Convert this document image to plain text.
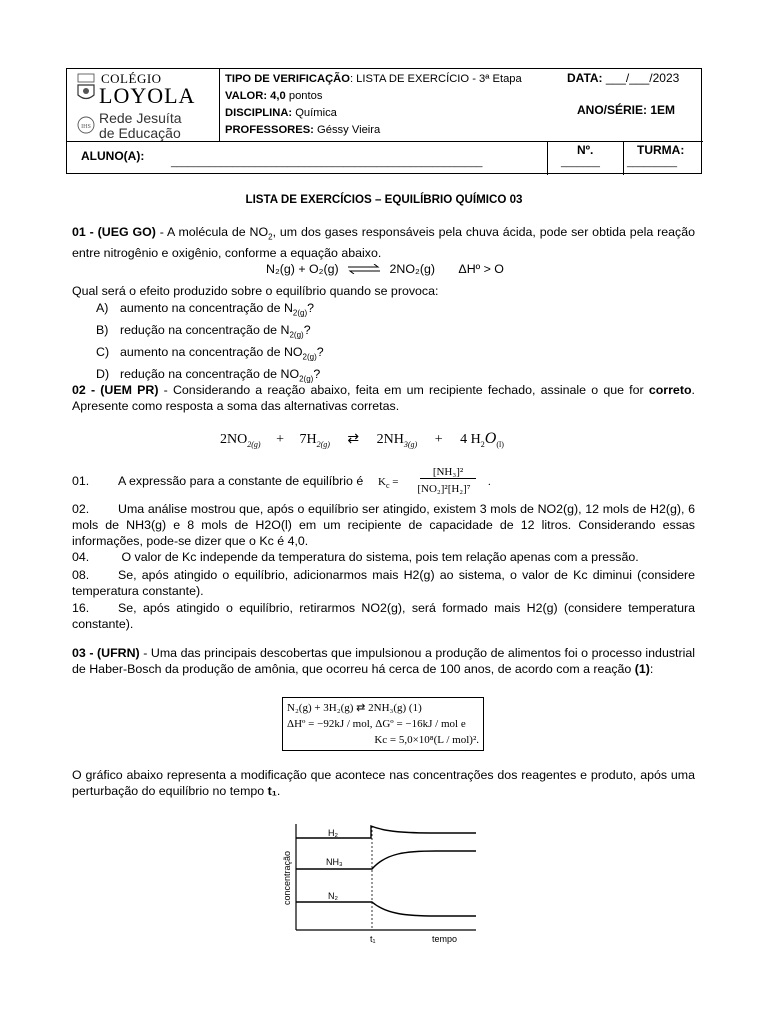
COLÉGIO
LOYOLA
IHS
Rede Jesuíta
de Educação
TIPO DE VERIFICAÇÃO: LISTA DE EXERCÍCIO - 3ª Etapa
VALOR: 4,0 pontos
DISCIPLINA: Química
PROFESSORES: Géssy Vieira
DATA: ___/___/2023
ANO/SÉRIE: 1EM
ALUNO(A):	________________________________________________________
Nº.
_______
TURMA:
_________
LISTA DE EXERCÍCIOS – EQUILÍBRIO QUÍMICO 03
01 - (UEG GO) - A molécula de $NO_2$, um dos gases responsáveis pela chuva ácida, pode ser obtida pela reação entre nitrogênio e oxigênio, conforme a equação abaixo.
N₂(g) + O₂(g) ⇌ 2NO₂(g) ΔHº > O
Qual será o efeito produzido sobre o equilíbrio quando se provoca:
A) aumento na concentração de $N_{2(g)}$?
B) redução na concentração de $N_{2(g)}$?
C) aumento na concentração de $NO_{2(g)}$?
D) redução na concentração de $NO_{2(g)}$?
02 - (UEM PR) - Considerando a reação abaixo, feita em um recipiente fechado, assinale o que for correto. Apresente como resposta a soma das alternativas corretas.
$2NO_{2(g)} + 7H_{2(g)}$ ⇄ $2NH_{3(g)} + 4$ $H_2O_{(l)}$
01. A expressão para a constante de equilíbrio é $K_c$ =
[NH₃]²
[NO₂]²[H₂]⁷
.
02. Uma análise mostrou que, após o equilíbrio ser atingido, existem 3 mols de NO2(g), 12 mols de H2(g), 6 mols de NH3(g) e 8 mols de H2O(l) em um recipiente de capacidade de 12 litros. Considerando essas informações, pode-se dizer que o Kc é 4,0.
04. O valor de Kc independe da temperatura do sistema, pois tem relação apenas com a pressão.
08. Se, após atingido o equilíbrio, adicionarmos mais H2(g) ao sistema, o valor de Kc diminui (considere temperatura constante).
16. Se, após atingido o equilíbrio, retirarmos NO2(g), será formado mais H2(g) (considere temperatura constante).
03 - (UFRN) - Uma das principais descobertas que impulsionou a produção de alimentos foi o processo industrial de Haber-Bosch da produção de amônia, que ocorreu há cerca de 100 anos, de acordo com a reação (1):
N₂(g) + 3H₂(g) ⇄ 2NH₃(g) (1)
ΔHº = −92kJ / mol, ΔGº = −16kJ / mol e
Kc = 5,0×10⁸(L / mol)².
O gráfico abaixo representa a modificação que acontece nas concentrações dos reagentes e produto, após uma perturbação do equilíbrio no tempo t₁.
H₂
NH₃
N₂
concentração
t₁	tempo
